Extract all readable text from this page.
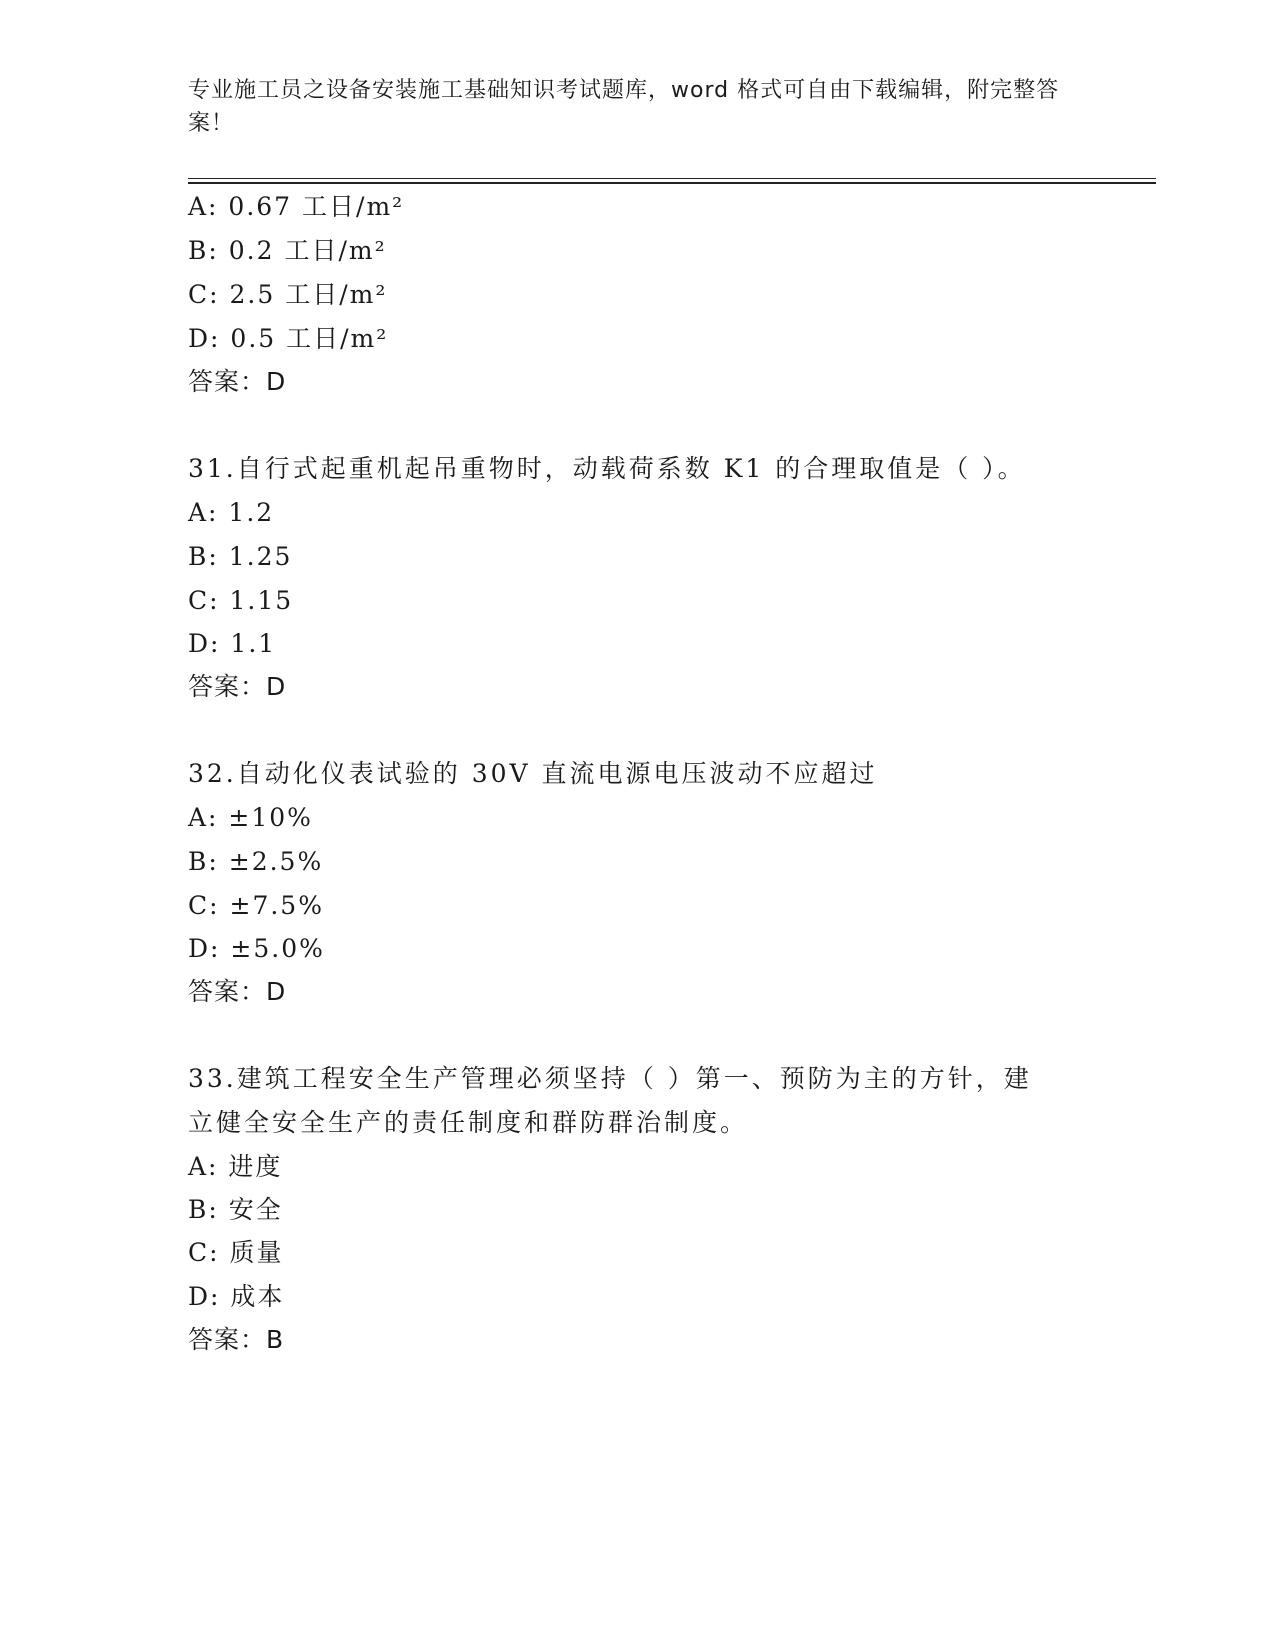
专业施工员之设备安装施工基础知识考试题库，word 格式可自由下载编辑，附完整答案！
A: 0.67 工日/m²
B: 0.2 工日/m²
C: 2.5 工日/m²
D: 0.5 工日/m²
答案：D
31.自行式起重机起吊重物时，动载荷系数 K1 的合理取值是（ ）。
A: 1.2
B: 1.25
C: 1.15
D: 1.1
答案：D
32.自动化仪表试验的 30V 直流电源电压波动不应超过
A: ±10%
B: ±2.5%
C: ±7.5%
D: ±5.0%
答案：D
33.建筑工程安全生产管理必须坚持（ ）第一、预防为主的方针，建
立健全安全生产的责任制度和群防群治制度。
A: 进度
B: 安全
C: 质量
D: 成本
答案：B
